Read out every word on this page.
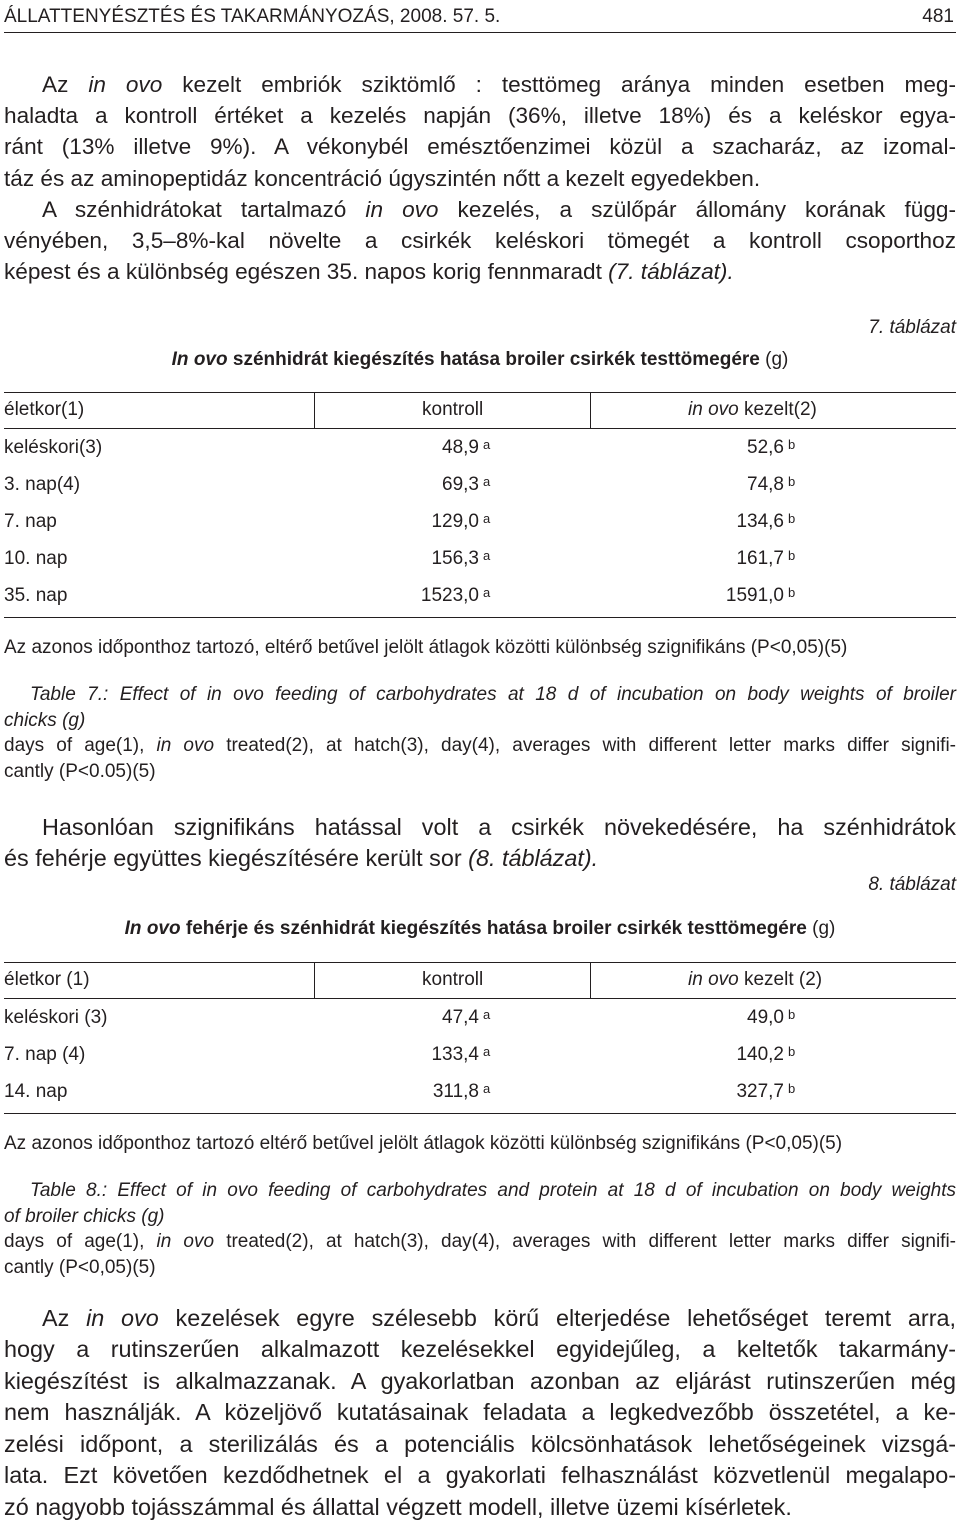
ÁLLATTENYÉSZTÉS ÉS TAKARMÁNYOZÁS, 2008. 57. 5.	481
Az in ovo kezelt embriók sziktömlő : testtömeg aránya minden esetben meg-
haladta a kontroll értéket a kezelés napján (36%, illetve 18%) és a keléskor egya-
ránt (13% illetve 9%). A vékonybél emésztőenzimei közül a szacharáz, az izomal-
táz és az aminopeptidáz koncentráció úgyszintén nőtt a kezelt egyedekben.
A szénhidrátokat tartalmazó in ovo kezelés, a szülőpár állomány korának függ-
vényében, 3,5‒8%-kal növelte a csirkék keléskori tömegét a kontroll csoporthoz
képest és a különbség egészen 35. napos korig fennmaradt (7. táblázat).
7. táblázat
In ovo szénhidrát kiegészítés hatása broiler csirkék testtömegére (g)
életkor(1)	kontroll	in ovo kezelt(2)
keléskori(3)	48,9 a	52,6 b
3. nap(4)	69,3 a	74,8 b
7. nap	129,0 a	134,6 b
10. nap	156,3 a	161,7 b
35. nap	1523,0 a	1591,0 b
Az azonos időponthoz tartozó, eltérő betűvel jelölt átlagok közötti különbség szignifikáns (P<0,05)(5)
Table 7.: Effect of in ovo feeding of carbohydrates at 18 d of incubation on body weights of broiler
chicks (g)
days of age(1), in ovo treated(2), at hatch(3), day(4), averages with different letter marks differ signifi-
cantly (P<0.05)(5)
Hasonlóan szignifikáns hatással volt a csirkék növekedésére, ha szénhidrátok
és fehérje együttes kiegészítésére került sor (8. táblázat).
8. táblázat
In ovo fehérje és szénhidrát kiegészítés hatása broiler csirkék testtömegére (g)
életkor (1)	kontroll	in ovo kezelt (2)
keléskori (3)	47,4 a	49,0 b
7. nap (4)	133,4 a	140,2 b
14. nap	311,8 a	327,7 b
Az azonos időponthoz tartozó eltérő betűvel jelölt átlagok közötti különbség szignifikáns (P<0,05)(5)
Table 8.: Effect of in ovo feeding of carbohydrates and protein at 18 d of incubation on body weights
of broiler chicks (g)
days of age(1), in ovo treated(2), at hatch(3), day(4), averages with different letter marks differ signifi-
cantly (P<0,05)(5)
Az in ovo kezelések egyre szélesebb körű elterjedése lehetőséget teremt arra,
hogy a rutinszerűen alkalmazott kezelésekkel egyidejűleg, a keltetők takarmány-
kiegészítést is alkalmazzanak. A gyakorlatban azonban az eljárást rutinszerűen még
nem használják. A közeljövő kutatásainak feladata a legkedvezőbb összetétel, a ke-
zelési időpont, a sterilizálás és a potenciális kölcsönhatások lehetőségeinek vizsgá-
lata. Ezt követően kezdődhetnek el a gyakorlati felhasználást közvetlenül megalapo-
zó nagyobb tojásszámmal és állattal végzett modell, illetve üzemi kísérletek.
